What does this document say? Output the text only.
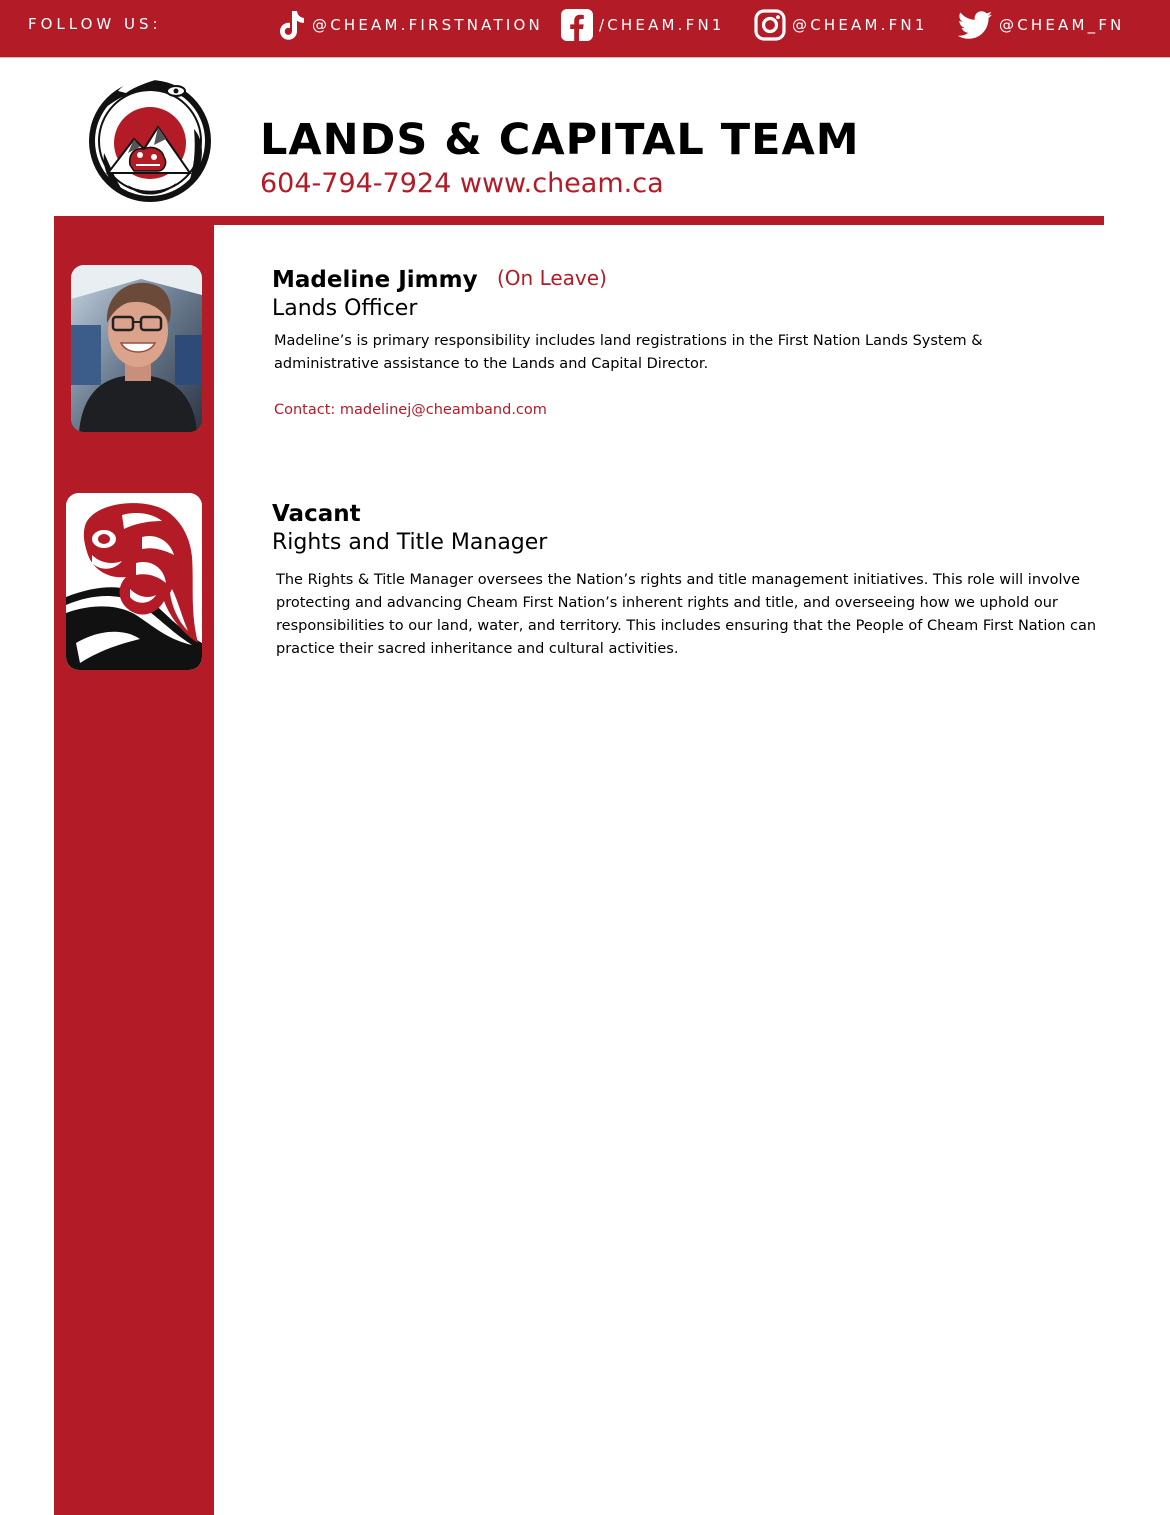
FOLLOW US:	@CHEAM.FIRSTNATION	/CHEAM.FN1	@CHEAM.FN1	@CHEAM_FN
LANDS & CAPITAL TEAM
604-794-7924 www.cheam.ca
Madeline Jimmy (On Leave)
Lands Officer

Madeline’s is primary responsibility includes land registrations in the First Nation Lands System & administrative assistance to the Lands and Capital Director.

Contact: madelinej@cheamband.com
Vacant
Rights and Title Manager

The Rights & Title Manager oversees the Nation’s rights and title management initiatives. This role will involve protecting and advancing Cheam First Nation’s inherent rights and title, and overseeing how we uphold our responsibilities to our land, water, and territory. This includes ensuring that the People of Cheam First Nation can practice their sacred inheritance and cultural activities.
